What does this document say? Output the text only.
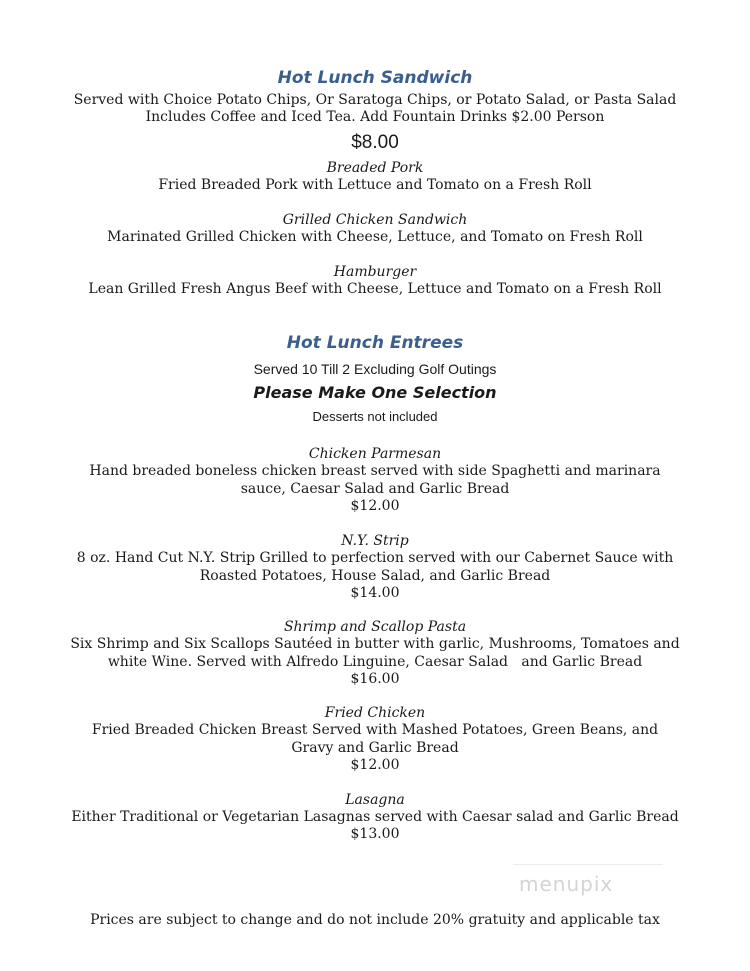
Hot Lunch Sandwich
Served with Choice Potato Chips, Or Saratoga Chips, or Potato Salad, or Pasta Salad
Includes Coffee and Iced Tea. Add Fountain Drinks $2.00 Person
$8.00
Breaded Pork
Fried Breaded Pork with Lettuce and Tomato on a Fresh Roll
Grilled Chicken Sandwich
Marinated Grilled Chicken with Cheese, Lettuce, and Tomato on Fresh Roll
Hamburger
Lean Grilled Fresh Angus Beef with Cheese, Lettuce and Tomato on a Fresh Roll
Hot Lunch Entrees
Served 10 Till 2 Excluding Golf Outings
Please Make One Selection
Desserts not included
Chicken Parmesan
Hand breaded boneless chicken breast served with side Spaghetti and marinara
sauce, Caesar Salad and Garlic Bread
$12.00
N.Y. Strip
8 oz. Hand Cut N.Y. Strip Grilled to perfection served with our Cabernet Sauce with
Roasted Potatoes, House Salad, and Garlic Bread
$14.00
Shrimp and Scallop Pasta
Six Shrimp and Six Scallops Sautéed in butter with garlic, Mushrooms, Tomatoes and
white Wine. Served with Alfredo Linguine, Caesar Salad   and Garlic Bread
$16.00
Fried Chicken
Fried Breaded Chicken Breast Served with Mashed Potatoes, Green Beans, and
Gravy and Garlic Bread
$12.00
Lasagna
Either Traditional or Vegetarian Lasagnas served with Caesar salad and Garlic Bread
$13.00
menupix
Prices are subject to change and do not include 20% gratuity and applicable tax
